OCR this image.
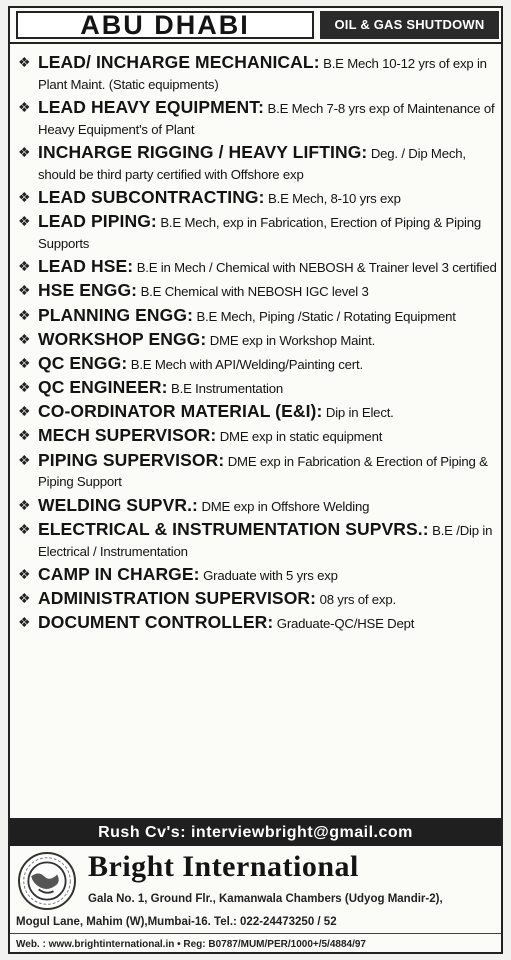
ABU DHABI	OIL & GAS SHUTDOWN
❖ LEAD/ INCHARGE MECHANICAL: B.E Mech 10-12 yrs of exp in Plant Maint. (Static equipments)
❖ LEAD HEAVY EQUIPMENT: B.E Mech 7-8 yrs exp of Maintenance of Heavy Equipment's of Plant
❖ INCHARGE RIGGING / HEAVY LIFTING: Deg. / Dip Mech, should be third party certified with Offshore exp
❖ LEAD SUBCONTRACTING: B.E Mech, 8-10 yrs exp
❖ LEAD PIPING: B.E Mech, exp in Fabrication, Erection of Piping & Piping Supports
❖ LEAD HSE: B.E in Mech / Chemical with NEBOSH & Trainer level 3 certified
❖ HSE ENGG: B.E Chemical with NEBOSH IGC level 3
❖ PLANNING ENGG: B.E Mech, Piping /Static / Rotating Equipment
❖ WORKSHOP ENGG: DME exp in Workshop Maint.
❖ QC ENGG: B.E Mech with API/Welding/Painting cert.
❖ QC ENGINEER: B.E Instrumentation
❖ CO-ORDINATOR MATERIAL (E&I): Dip in Elect.
❖ MECH SUPERVISOR: DME exp in static equipment
❖ PIPING SUPERVISOR: DME exp in Fabrication & Erection of Piping & Piping Support
❖ WELDING SUPVR.: DME exp in Offshore Welding
❖ ELECTRICAL & INSTRUMENTATION SUPVRS.: B.E /Dip in Electrical / Instrumentation
❖ CAMP IN CHARGE: Graduate with 5 yrs exp
❖ ADMINISTRATION SUPERVISOR: 08 yrs of exp.
❖ DOCUMENT CONTROLLER: Graduate-QC/HSE Dept
Rush Cv's: interviewbright@gmail.com
Bright International
Gala No. 1, Ground Flr., Kamanwala Chambers (Udyog Mandir-2),
Mogul Lane, Mahim (W),Mumbai-16. Tel.: 022-24473250 / 52
Web. : www.brightinternational.in • Reg: B0787/MUM/PER/1000+/5/4884/97
